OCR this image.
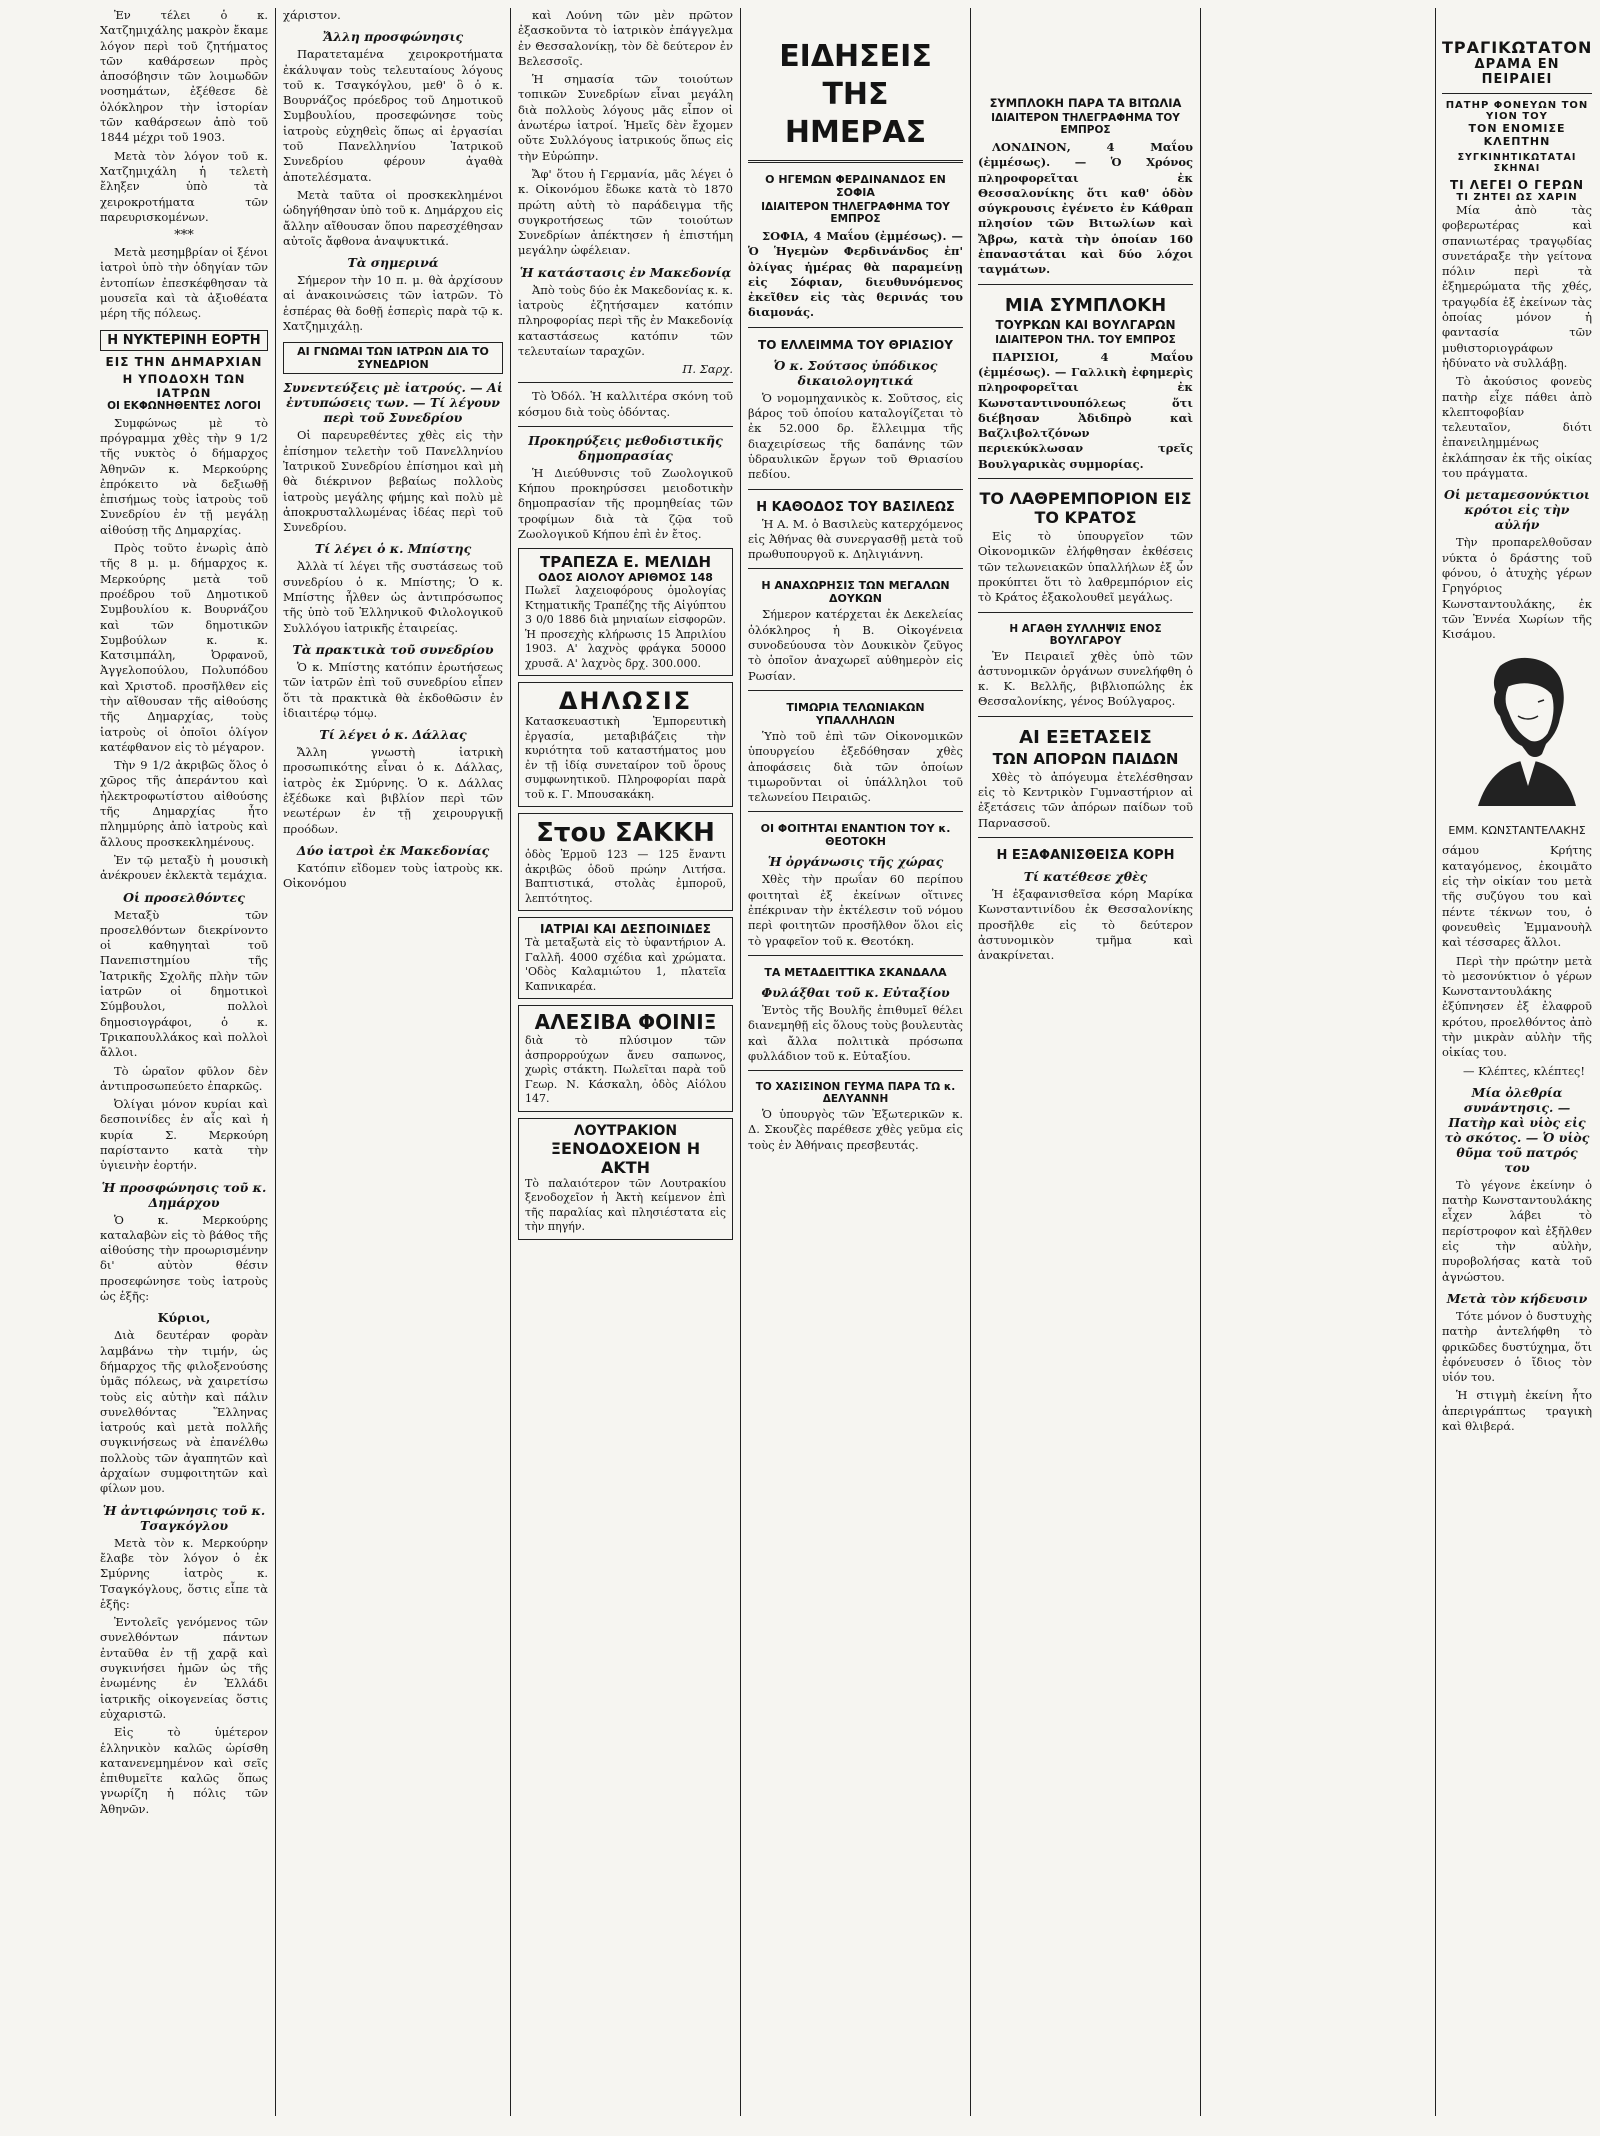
Ἐν τέλει ὁ κ. Χατζημιχάλης μακρὸν ἔκαμε λόγον περὶ τοῦ ζητήματος τῶν καθάρσεων πρὸς ἀποσόβησιν τῶν λοιμωδῶν νοσημάτων, ἐξέθεσε δὲ ὁλόκληρον τὴν ἱστορίαν τῶν καθάρσεων ἀπὸ τοῦ 1844 μέχρι τοῦ 1903.

Μετὰ τὸν λόγον τοῦ κ. Χατζημιχάλη ἡ τελετὴ ἔληξεν ὑπὸ τὰ χειροκροτήματα τῶν παρευρισκομένων.

***

Μετὰ μεσημβρίαν οἱ ξένοι ἰατροὶ ὑπὸ τὴν ὁδηγίαν τῶν ἐντοπίων ἐπεσκέφθησαν τὰ μουσεῖα καὶ τὰ ἀξιοθέατα μέρη τῆς πόλεως.

Η ΝΥΚΤΕΡΙΝΗ ΕΟΡΤΗ
ΕΙΣ ΤΗΝ ΔΗΜΑΡΧΙΑΝ
Η ΥΠΟΔΟΧΗ ΤΩΝ ΙΑΤΡΩΝ
ΟΙ ΕΚΦΩΝΗΘΕΝΤΕΣ ΛΟΓΟΙ

Συμφώνως μὲ τὸ πρόγραμμα χθὲς τὴν 9 1/2 τῆς νυκτὸς ὁ δήμαρχος Ἀθηνῶν κ. Μερκούρης ἐπρόκειτο νὰ δεξιωθῇ ἐπισήμως τοὺς ἰατροὺς τοῦ Συνεδρίου ἐν τῇ μεγάλῃ αἰθούσῃ τῆς Δημαρχίας.

Πρὸς τοῦτο ἐνωρὶς ἀπὸ τῆς 8 μ. μ. δήμαρχος κ. Μερκούρης μετὰ τοῦ προέδρου τοῦ Δημοτικοῦ Συμβουλίου κ. Βουρνάζου καὶ τῶν δημοτικῶν Συμβούλων κ. κ. Κατσιμπάλη, Ὀρφανοῦ, Ἀγγελοπούλου, Πολυπόδου καὶ Χριστοδ. προσῆλθεν εἰς τὴν αἴθουσαν τῆς αἰθούσης τῆς Δημαρχίας, τοὺς ἰατροὺς οἱ ὁποῖοι ὁλίγον κατέφθανον εἰς τὸ μέγαρον.

Τὴν 9 1/2 ἀκριβῶς ὅλος ὁ χῶρος τῆς ἀπεράντου καὶ ἠλεκτροφωτίστου αἰθούσης τῆς Δημαρχίας ἦτο πλημμύρης ἀπὸ ἰατροὺς καὶ ἄλλους προσκεκλημένους.

Ἐν τῷ μεταξὺ ἡ μουσικὴ ἀνέκρουεν ἐκλεκτὰ τεμάχια.

Οἱ προσελθόντες

Μεταξὺ τῶν προσελθόντων διεκρίνοντο οἱ καθηγηταὶ τοῦ Πανεπιστημίου τῆς Ἰατρικῆς Σχολῆς πλὴν τῶν ἰατρῶν οἱ δημοτικοὶ Σύμβουλοι, πολλοὶ δημοσιογράφοι, ὁ κ. Τρικαπουλλάκος καὶ πολλοὶ ἄλλοι.

Τὸ ὡραῖον φῦλον δὲν ἀντιπροσωπεύετο ἐπαρκῶς.

Ὀλίγαι μόνον κυρίαι καὶ δεσποινίδες ἐν αἷς καὶ ἡ κυρία Σ. Μερκούρη παρίσταντο κατὰ τὴν ὑγιεινὴν ἑορτήν.

Ἡ προσφώνησις τοῦ κ. Δημάρχου

Ὁ κ. Μερκούρης καταλαβὼν εἰς τὸ βάθος τῆς αἰθούσης τὴν προωρισμένην δι' αὐτὸν θέσιν προσεφώνησε τοὺς ἰατροὺς ὡς ἑξῆς:

Κύριοι,

Διὰ δευτέραν φορὰν λαμβάνω τὴν τιμήν, ὡς δήμαρχος τῆς φιλοξενούσης ὑμᾶς πόλεως, νὰ χαιρετίσω τοὺς εἰς αὐτὴν καὶ πάλιν συνελθόντας Ἕλληνας ἰατρούς καὶ μετὰ πολλῆς συγκινήσεως νὰ ἐπανέλθω πολλοὺς τῶν ἀγαπητῶν καὶ ἀρχαίων συμφοιτητῶν καὶ φίλων μου.

Ἡ ἀντιφώνησις τοῦ κ. Τσαγκόγλου

Μετὰ τὸν κ. Μερκούρην ἔλαβε τὸν λόγον ὁ ἐκ Σμύρνης ἰατρὸς κ. Τσαγκόγλους, ὅστις εἶπε τὰ ἑξῆς:

Ἐντολεῖς γενόμενος τῶν συνελθόντων πάντων ἐνταῦθα ἐν τῇ χαρᾷ καὶ συγκινήσει ἡμῶν ὡς τῆς ἐνωμένης ἐν Ἑλλάδι ἰατρικῆς οἰκογενείας ὅστις εὐχαριστῶ.

Εἰς τὸ ὑμέτερον ἑλληνικὸν καλῶς ὡρίσθη κατανενεμημένον καὶ σεῖς ἐπιθυμεῖτε καλῶς ὅπως γνωρίζη ἡ πόλις τῶν Ἀθηνῶν.

χάριστον.

Ἄλλη προσφώνησις

Παρατεταμένα χειροκροτήματα ἐκάλυψαν τοὺς τελευταίους λόγους τοῦ κ. Τσαγκόγλου, μεθ' ὃ ὁ κ. Βουρνάζος πρόεδρος τοῦ Δημοτικοῦ Συμβουλίου, προσεφώνησε τοὺς ἰατροὺς εὐχηθεὶς ὅπως αἱ ἐργασίαι τοῦ Πανελληνίου Ἰατρικοῦ Συνεδρίου φέρουν ἀγαθὰ ἀποτελέσματα.

Μετὰ ταῦτα οἱ προσκεκλημένοι ὡδηγήθησαν ὑπὸ τοῦ κ. Δημάρχου εἰς ἄλλην αἴθουσαν ὅπου παρεσχέθησαν αὐτοῖς ἄφθονα ἀναψυκτικά.

Τὰ σημερινά

Σήμερον τὴν 10 π. μ. θὰ ἀρχίσουν αἱ ἀνακοινώσεις τῶν ἰατρῶν. Τὸ ἑσπέρας θὰ δοθῇ ἑσπερὶς παρὰ τῷ κ. Χατζημιχάλῃ.

ΑΙ ΓΝΩΜΑΙ ΤΩΝ ΙΑΤΡΩΝ ΔΙΑ ΤΟ ΣΥΝΕΔΡΙΟΝ
Συνεντεύξεις μὲ ἰατρούς. — Αἱ ἐντυπώσεις των. — Τί λέγουν περὶ τοῦ Συνεδρίου

Οἱ παρευρεθέντες χθὲς εἰς τὴν ἐπίσημον τελετὴν τοῦ Πανελληνίου Ἰατρικοῦ Συνεδρίου ἐπίσημοι καὶ μὴ θὰ διέκρινον βεβαίως πολλοὺς ἰατροὺς μεγάλης φήμης καὶ πολὺ μὲ ἀποκρυσταλλωμένας ἰδέας περὶ τοῦ Συνεδρίου.

Τί λέγει ὁ κ. Μπίστης

Ἀλλὰ τί λέγει τῆς συστάσεως τοῦ συνεδρίου ὁ κ. Μπίστης; Ὁ κ. Μπίστης ἦλθεν ὡς ἀντιπρόσωπος τῆς ὑπὸ τοῦ Ἑλληνικοῦ Φιλολογικοῦ Συλλόγου ἰατρικῆς ἑταιρείας.

Τὰ πρακτικὰ τοῦ συνεδρίου

Ὁ κ. Μπίστης κατόπιν ἐρωτήσεως τῶν ἰατρῶν ἐπὶ τοῦ συνεδρίου εἶπεν ὅτι τὰ πρακτικὰ θὰ ἐκδοθῶσιν ἐν ἰδιαιτέρῳ τόμῳ.

Τί λέγει ὁ κ. Δάλλας

Ἄλλη γνωστὴ ἰατρικὴ προσωπικότης εἶναι ὁ κ. Δάλλας, ἰατρὸς ἐκ Σμύρνης. Ὁ κ. Δάλλας ἐξέδωκε καὶ βιβλίον περὶ τῶν νεωτέρων ἐν τῇ χειρουργικῇ προόδων.

Δύο ἰατροὶ ἐκ Μακεδονίας

Κατόπιν εἴδομεν τοὺς ἰατροὺς κκ. Οἰκονόμου

καὶ Λούνη τῶν μὲν πρῶτον ἐξασκοῦντα τὸ ἰατρικὸν ἐπάγγελμα ἐν Θεσσαλονίκῃ, τὸν δὲ δεύτερον ἐν Βελεσσοῖς.

Ἡ σημασία τῶν τοιούτων τοπικῶν Συνεδρίων εἶναι μεγάλη διὰ πολλοὺς λόγους μᾶς εἶπον οἱ ἀνωτέρω ἰατροί. Ἡμεῖς δὲν ἔχομεν οὔτε Συλλόγους ἰατρικούς ὅπως εἰς τὴν Εὐρώπην.

Ἄφ' ὅτου ἡ Γερμανία, μᾶς λέγει ὁ κ. Οἰκονόμου ἔδωκε κατὰ τὸ 1870 πρώτη αὐτὴ τὸ παράδειγμα τῆς συγκροτήσεως τῶν τοιούτων Συνεδρίων ἀπέκτησεν ἡ ἐπιστήμη μεγάλην ὠφέλειαν.

Ἡ κατάστασις ἐν Μακεδονίᾳ

Ἀπὸ τοὺς δύο ἐκ Μακεδονίας κ. κ. ἰατροὺς ἐζητήσαμεν κατόπιν πληροφορίας περὶ τῆς ἐν Μακεδονίᾳ καταστάσεως κατόπιν τῶν τελευταίων ταραχῶν.

Π. Σαρχ.

Τὸ Ὀδόλ. Ἡ καλλιτέρα σκόνη τοῦ κόσμου διὰ τοὺς ὀδόντας.

Προκηρύξεις μεθοδιστικῆς δημοπρασίας

Ἡ Διεύθυνσις τοῦ Ζωολογικοῦ Κήπου προκηρύσσει μειοδοτικὴν δημοπρασίαν τῆς προμηθείας τῶν τροφίμων διὰ τὰ ζῷα τοῦ Ζωολογικοῦ Κήπου ἐπὶ ἐν ἔτος.

ΤΡΑΠΕΖΑ Ε. ΜΕΛΙΔΗ
ΟΔΟΣ ΑΙΟΛΟΥ ΑΡΙΘΜΟΣ 148
Πωλεῖ λαχειοφόρους ὁμολογίας Κτηματικῆς Τραπέζης τῆς Αἰγύπτου 3 0/0 1886 διὰ μηνιαίων εἰσφορῶν. Ἡ προσεχὴς κλήρωσις 15 Ἀπριλίου 1903. Α' λαχνὸς φράγκα 50000 χρυσᾶ. Α' λαχνὸς δρχ. 300.000.
ΔΗΛΩΣΙΣ
Κατασκευαστικὴ Ἐμπορευτικὴ ἐργασία, μεταβιβάζεις τὴν κυριότητα τοῦ καταστήματος μου ἐν τῇ ἰδίᾳ συνεταίρον τοῦ ὅρους συμφωνητικοῦ. Πληροφορίαι παρὰ τοῦ κ. Γ. Μπουσακάκη.
Στου ΣΑΚΚΗ
ὁδὸς Ἑρμοῦ 123 — 125 ἔναντι ἀκριβῶς ὁδοῦ πρώην Λιτήσα. Βαπτιστικά, στολὰς ἐμποροῦ, λεπτότητος.
ΙΑΤΡΙΑΙ ΚΑΙ ΔΕΣΠΟΙΝΙΔΕΣ
Τὰ μεταξωτὰ εἰς τὸ ὑφαντήριον Α. Γαλλῆ. 4000 σχέδια καὶ χρώματα. 'Οδὸς Καλαμιώτου 1, πλατεῖα Καπνικαρέα.
ΑΛΕΣΙΒΑ ΦΟΙΝΙΞ
διὰ τὸ πλύσιμον τῶν ἀσπρορρούχων ἄνευ σαπωνος, χωρὶς στάκτη. Πωλεῖται παρὰ τοῦ Γεωρ. Ν. Κάσκαλη, ὁδὸς Αἰόλου 147.
ΛΟΥΤΡΑΚΙΟΝ
ΞΕΝΟΔΟΧΕΙΟΝ Η ΑΚΤΗ
Τὸ παλαιότερον τῶν Λουτρακίου ξενοδοχεῖον ἡ Ἀκτὴ κείμενον ἐπὶ τῆς παραλίας καὶ πλησιέστατα εἰς τὴν πηγήν.
ΕΙΔΗΣΕΙΣ ΤΗΣ ΗΜΕΡΑΣ
Ο ΗΓΕΜΩΝ ΦΕΡΔΙΝΑΝΔΟΣ ΕΝ ΣΟΦΙΑ
ΙΔΙΑΙΤΕΡΟΝ ΤΗΛΕΓΡΑΦΗΜΑ ΤΟΥ ΕΜΠΡΟΣ

ΣΟΦΙΑ, 4 Μαΐου (ἐμμέσως). — Ὁ Ἡγεμὼν Φερδινάνδος ἐπ' ὀλίγας ἡμέρας θὰ παραμείνῃ εἰς Σόφιαν, διευθυνόμενος ἐκεῖθεν εἰς τὰς θερινάς του διαμονάς.

ΤΟ ΕΛΛΕΙΜΜΑ ΤΟΥ ΘΡΙΑΣΙΟΥ
Ὁ κ. Σούτσος ὑπόδικος δικαιολογητικά

Ὁ νομομηχανικὸς κ. Σοῦτσος, εἰς βάρος τοῦ ὁποίου καταλογίζεται τὸ ἐκ 52.000 δρ. ἔλλειμμα τῆς διαχειρίσεως τῆς δαπάνης τῶν ὑδραυλικῶν ἔργων τοῦ Θριασίου πεδίου.

Η ΚΑΘΟΔΟΣ ΤΟΥ ΒΑΣΙΛΕΩΣ

Ἡ Α. Μ. ὁ Βασιλεὺς κατερχόμενος εἰς Ἀθήνας θὰ συνεργασθῇ μετὰ τοῦ πρωθυπουργοῦ κ. Δηλιγιάννη.

Η ΑΝΑΧΩΡΗΣΙΣ ΤΩΝ ΜΕΓΑΛΩΝ ΔΟΥΚΩΝ

Σήμερον κατέρχεται ἐκ Δεκελείας ὁλόκληρος ἡ Β. Οἰκογένεια συνοδεύουσα τὸν Δουκικὸν ζεῦγος τὸ ὁποῖον ἀναχωρεῖ αὐθημερὸν εἰς Ρωσίαν.

ΤΙΜΩΡΙΑ ΤΕΛΩΝΙΑΚΩΝ ΥΠΑΛΛΗΛΩΝ

Ὑπὸ τοῦ ἐπὶ τῶν Οἰκονομικῶν ὑπουργείου ἐξεδόθησαν χθὲς ἀποφάσεις διὰ τῶν ὁποίων τιμωροῦνται οἱ ὑπάλληλοι τοῦ τελωνείου Πειραιῶς.

ΟΙ ΦΟΙΤΗΤΑΙ ΕΝΑΝΤΙΟΝ ΤΟΥ κ. ΘΕΟΤΟΚΗ
Ἡ ὀργάνωσις τῆς χώρας

Χθὲς τὴν πρωΐαν 60 περίπου φοιτηταὶ ἐξ ἐκείνων οἵτινες ἐπέκριναν τὴν ἐκτέλεσιν τοῦ νόμου περὶ φοιτητῶν προσῆλθον ὅλοι εἰς τὸ γραφεῖον τοῦ κ. Θεοτόκη.

ΤΑ ΜΕΤΑΔΕΙΤΤΙΚΑ ΣΚΑΝΔΑΛΑ
Φυλάξθαι τοῦ κ. Εὐταξίου

Ἐντὸς τῆς Βουλῆς ἐπιθυμεῖ θέλει διανεμηθῇ εἰς ὅλους τοὺς βουλευτὰς καὶ ἄλλα πολιτικὰ πρόσωπα φυλλάδιον τοῦ κ. Εὐταξίου.

ΤΟ ΧΑΣΙΣΙΝΟΝ ΓΕΥΜΑ ΠΑΡΑ ΤΩ κ. ΔΕΛΥΑΝΝΗ

Ὁ ὑπουργὸς τῶν Ἐξωτερικῶν κ. Δ. Σκουζὲς παρέθεσε χθὲς γεῦμα εἰς τοὺς ἐν Ἀθήναις πρεσβευτάς.

ΣΥΜΠΛΟΚΗ ΠΑΡΑ ΤΑ ΒΙΤΩΛΙΑ
ΙΔΙΑΙΤΕΡΟΝ ΤΗΛΕΓΡΑΦΗΜΑ ΤΟΥ ΕΜΠΡΟΣ

ΛΟΝΔΙΝΟΝ, 4 Μαΐου (ἐμμέσως). — Ὁ Χρόνος πληροφορεῖται ἐκ Θεσσαλονίκης ὅτι καθ' ὁδὸν σύγκρουσις ἐγένετο ἐν Κάθραπ πλησίον τῶν Βιτωλίων καὶ Ἄβρω, κατὰ τὴν ὁποίαν 160 ἐπαναστάται καὶ δύο λόχοι ταγμάτων.

ΜΙΑ ΣΥΜΠΛΟΚΗ
ΤΟΥΡΚΩΝ ΚΑΙ ΒΟΥΛΓΑΡΩΝ
ΙΔΙΑΙΤΕΡΟΝ ΤΗΛ. ΤΟΥ ΕΜΠΡΟΣ

ΠΑΡΙΣΙΟΙ, 4 Μαΐου (ἐμμέσως). — Γαλλικὴ ἐφημερὶς πληροφορεῖται ἐκ Κωνσταντινουπόλεως ὅτι διέβησαν Ἀδιδπρὸ καὶ Βαζλιβολτζόνων περιεκύκλωσαν τρεῖς Βουλγαρικὰς συμμορίας.

ΤΟ ΛΑΘΡΕΜΠΟΡΙΟΝ ΕΙΣ ΤΟ ΚΡΑΤΟΣ

Εἰς τὸ ὑπουργεῖον τῶν Οἰκονομικῶν ἐλήφθησαν ἐκθέσεις τῶν τελωνειακῶν ὑπαλλήλων ἐξ ὧν προκύπτει ὅτι τὸ λαθρεμπόριον εἰς τὸ Κράτος ἐξακολουθεῖ μεγάλως.

Η ΑΓΑΘΗ ΣΥΛΛΗΨΙΣ ΕΝΟΣ ΒΟΥΛΓΑΡΟΥ

Ἐν Πειραιεῖ χθὲς ὑπὸ τῶν ἀστυνομικῶν ὀργάνων συνελήφθη ὁ κ. Κ. Βελλῆς, βιβλιοπώλης ἐκ Θεσσαλονίκης, γένος Βούλγαρος.

ΑΙ ΕΞΕΤΑΣΕΙΣ
ΤΩΝ ΑΠΟΡΩΝ ΠΑΙΔΩΝ

Χθὲς τὸ ἀπόγευμα ἐτελέσθησαν εἰς τὸ Κεντρικὸν Γυμναστήριον αἱ ἐξετάσεις τῶν ἀπόρων παίδων τοῦ Παρνασσοῦ.

Η ΕΞΑΦΑΝΙΣΘΕΙΣΑ ΚΟΡΗ
Τί κατέθεσε χθὲς

Ἡ ἐξαφανισθεῖσα κόρη Μαρίκα Κωνσταντινίδου ἐκ Θεσσαλονίκης προσῆλθε εἰς τὸ δεύτερον ἀστυνομικὸν τμῆμα καὶ ἀνακρίνεται.

ΤΡΑΓΙΚΩΤΑΤΟΝ
ΔΡΑΜΑ ΕΝ ΠΕΙΡΑΙΕΙ
ΠΑΤΗΡ ΦΟΝΕΥΩΝ ΤΟΝ ΥΙΟΝ ΤΟΥ
ΤΟΝ ΕΝΟΜΙΣΕ ΚΛΕΠΤΗΝ
ΣΥΓΚΙΝΗΤΙΚΩΤΑΤΑΙ ΣΚΗΝΑΙ
ΤΙ ΛΕΓΕΙ Ο ΓΕΡΩΝ
ΤΙ ΖΗΤΕΙ ΩΣ ΧΑΡΙΝ

Μία ἀπὸ τὰς φοβερωτέρας καὶ σπανιωτέρας τραγῳδίας συνετάραξε τὴν γείτονα πόλιν περὶ τὰ ἐξημερώματα τῆς χθές, τραγῳδία ἐξ ἐκείνων τὰς ὁποίας μόνον ἡ φαντασία τῶν μυθιστοριογράφων ἠδύνατο νὰ συλλάβῃ.

Τὸ ἀκούσιος φονεὺς πατὴρ εἶχε πάθει ἀπὸ κλεπτοφοβίαν τελευταῖον, διότι ἐπανειλημμένως ἐκλάπησαν ἐκ τῆς οἰκίας του πράγματα.

Οἱ μεταμεσονύκτιοι κρότοι εἰς τὴν αὐλήν

Τὴν προπαρελθοῦσαν νύκτα ὁ δράστης τοῦ φόνου, ὁ ἀτυχὴς γέρων Γρηγόριος Κωνσταντουλάκης, ἐκ τῶν Ἐννέα Χωρίων τῆς Κισάμου.

ΕΜΜ. ΚΩΝΣΤΑΝΤΕΛΑΚΗΣ

σάμου Κρήτης καταγόμενος, ἐκοιμᾶτο εἰς τὴν οἰκίαν του μετὰ τῆς συζύγου του καὶ πέντε τέκνων του, ὁ φονευθεὶς Ἐμμανουὴλ καὶ τέσσαρες ἄλλοι.

Περὶ τὴν πρώτην μετὰ τὸ μεσονύκτιον ὁ γέρων Κωνσταντουλάκης ἐξύπνησεν ἐξ ἐλαφροῦ κρότου, προελθόντος ἀπὸ τὴν μικρὰν αὐλὴν τῆς οἰκίας του.

— Κλέπτες, κλέπτες!

Μία ὀλεθρία συνάντησις. — Πατὴρ καὶ υἱὸς εἰς τὸ σκότος. — Ὁ υἱὸς θῦμα τοῦ πατρός του

Τὸ γέγονε ἐκείνην ὁ πατὴρ Κωνσταντουλάκης εἶχεν λάβει τὸ περίστροφον καὶ ἐξῆλθεν εἰς τὴν αὐλὴν, πυροβολήσας κατὰ τοῦ ἀγνώστου.

Μετὰ τὸν κήδευσιν

Τότε μόνον ὁ δυστυχὴς πατὴρ ἀντελήφθη τὸ φρικῶδες δυστύχημα, ὅτι ἐφόνευσεν ὁ ἴδιος τὸν υἱόν του.

Ἡ στιγμὴ ἐκείνη ἦτο ἀπεριγράπτως τραγικὴ καὶ θλιβερά.
